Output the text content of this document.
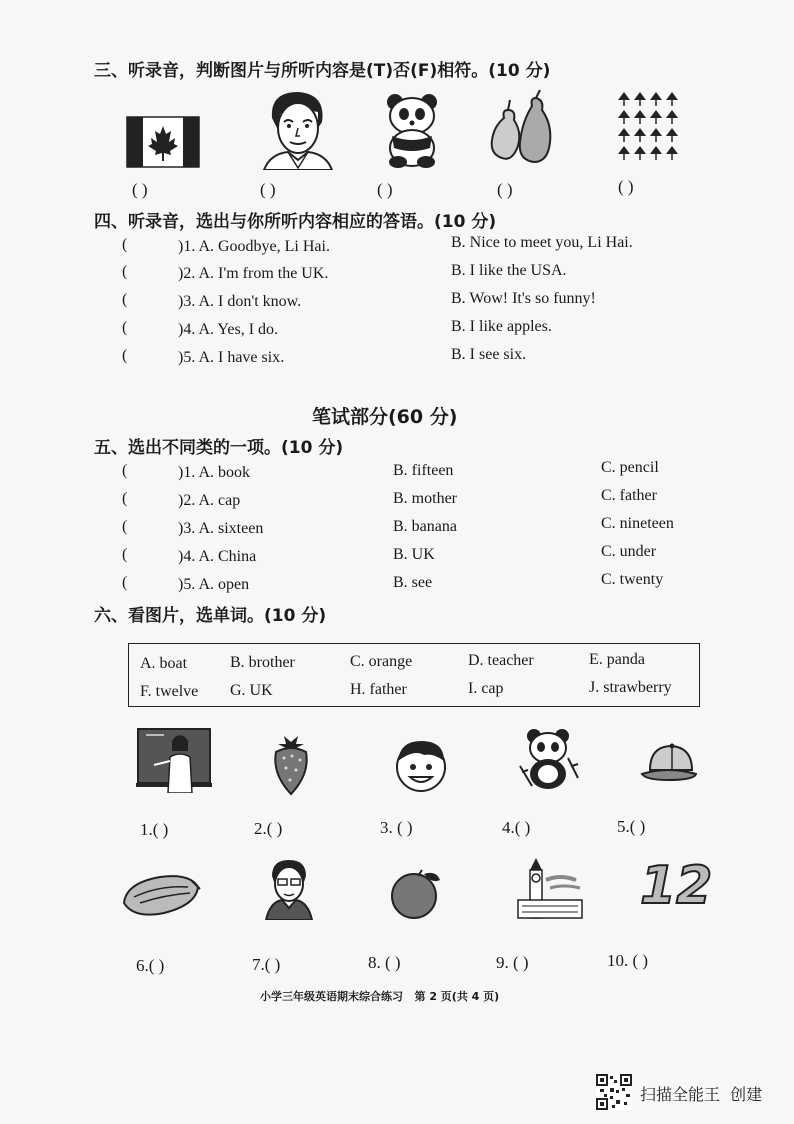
三、听录音，判断图片与所听内容是(T)否(F)相符。(10 分)
( )	( )	( )	( )	( )
四、听录音，选出与你所听内容相应的答语。(10 分)
(	)1. A. Goodbye, Li Hai.	B. Nice to meet you, Li Hai.
(	)2. A. I'm from the UK.	B. I like the USA.
(	)3. A. I don't know.	B. Wow! It's so funny!
(	)4. A. Yes, I do.	B. I like apples.
(	)5. A. I have six.	B. I see six.
笔试部分(60 分)
五、选出不同类的一项。(10 分)
(	)1. A. book	B. fifteen	C. pencil
(	)2. A. cap	B. mother	C. father
(	)3. A. sixteen	B. banana	C. nineteen
(	)4. A. China	B. UK	C. under
(	)5. A. open	B. see	C. twenty
六、看图片，选单词。(10 分)
A. boat	B. brother	C. orange	D. teacher	E. panda
F. twelve G. UK	H. father	I. cap	J. strawberry
1.( )	2.( )	3. ( )	4.( )	5.( )
12
6.( )	7.( )	8. ( )	9. ( )	10. ( )
小学三年级英语期末综合练习   第 2 页(共 4 页)
扫描全能王  创建
